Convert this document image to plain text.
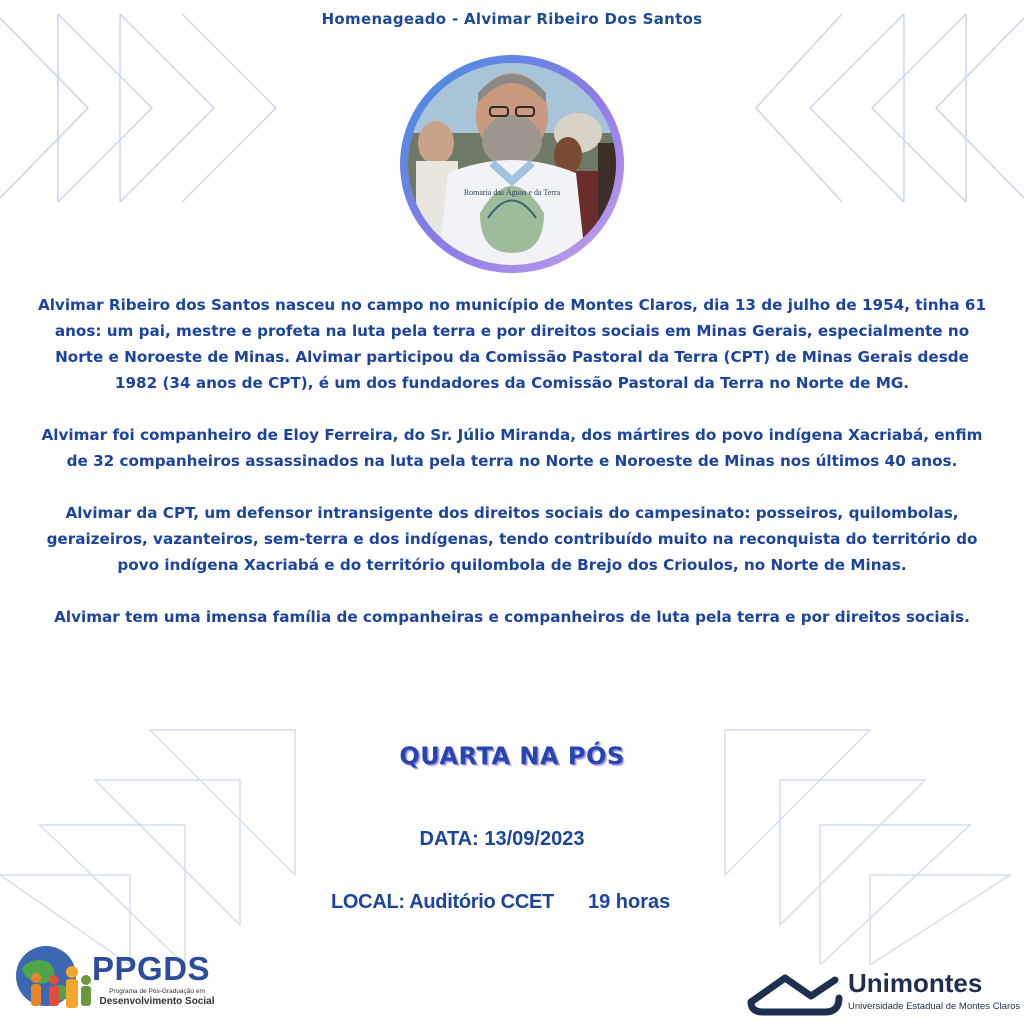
Homenageado - Alvimar Ribeiro Dos Santos
Romaria das Águas e da Terra

Alvimar Ribeiro dos Santos nasceu no campo no município de Montes Claros, dia 13 de julho de 1954, tinha 61 anos: um pai, mestre e profeta na luta pela terra e por direitos sociais em Minas Gerais, especialmente no Norte e Noroeste de Minas. Alvimar participou da Comissão Pastoral da Terra (CPT) de Minas Gerais desde 1982 (34 anos de CPT), é um dos fundadores da Comissão Pastoral da Terra no Norte de MG.

Alvimar foi companheiro de Eloy Ferreira, do Sr. Júlio Miranda, dos mártires do povo indígena Xacriabá, enfim de 32 companheiros assassinados na luta pela terra no Norte e Noroeste de Minas nos últimos 40 anos.

Alvimar da CPT, um defensor intransigente dos direitos sociais do campesinato: posseiros, quilombolas, geraizeiros, vazanteiros, sem-terra e dos indígenas, tendo contribuído muito na reconquista do território do povo indígena Xacriabá e do território quilombola de Brejo dos Crioulos, no Norte de Minas.

Alvimar tem uma imensa família de companheiras e companheiros de luta pela terra e por direitos sociais.

QUARTA NA PÓS
DATA: 13/09/2023
LOCAL: Auditório CCET 19 horas
PPGDS
Programa de Pós-Graduação em
Desenvolvimento Social
Unimontes
Universidade Estadual de Montes Claros
